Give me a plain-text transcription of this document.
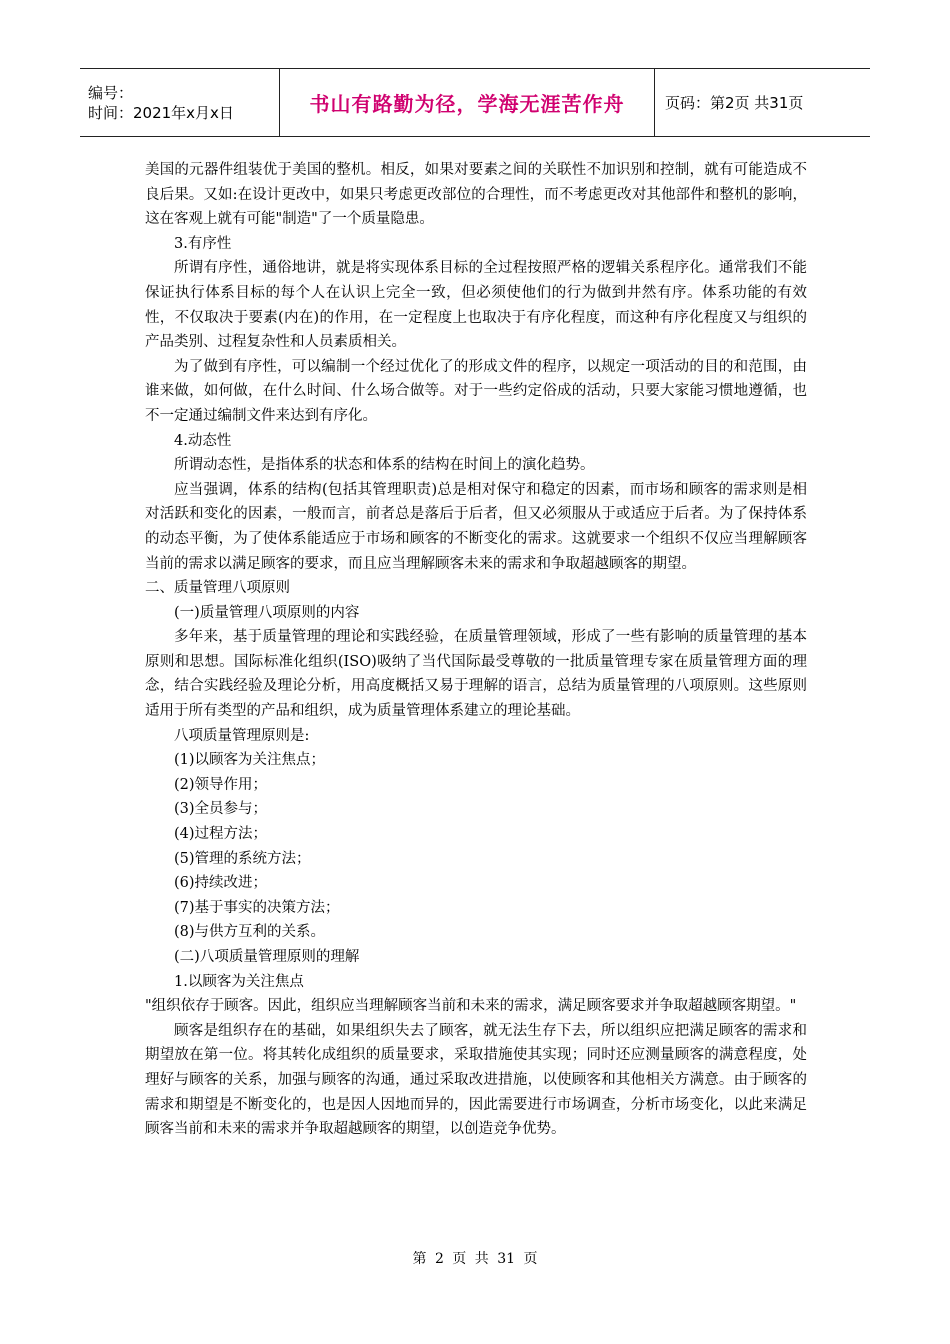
编号：
时间：2021年x月x日	书山有路勤为径，学海无涯苦作舟	页码：第2页 共31页

美国的元器件组装优于美国的整机。相反，如果对要素之间的关联性不加识别和控制，就有可能造成不良后果。又如:在设计更改中，如果只考虑更改部位的合理性，而不考虑更改对其他部件和整机的影响，这在客观上就有可能"制造"了一个质量隐患。

3.有序性

所谓有序性，通俗地讲，就是将实现体系目标的全过程按照严格的逻辑关系程序化。通常我们不能保证执行体系目标的每个人在认识上完全一致，但必须使他们的行为做到井然有序。体系功能的有效性，不仅取决于要素(内在)的作用，在一定程度上也取决于有序化程度，而这种有序化程度又与组织的产品类别、过程复杂性和人员素质相关。

为了做到有序性，可以编制一个经过优化了的形成文件的程序，以规定一项活动的目的和范围，由谁来做，如何做，在什么时间、什么场合做等。对于一些约定俗成的活动，只要大家能习惯地遵循，也不一定通过编制文件来达到有序化。

4.动态性

所谓动态性，是指体系的状态和体系的结构在时间上的演化趋势。

应当强调，体系的结构(包括其管理职责)总是相对保守和稳定的因素，而市场和顾客的需求则是相对活跃和变化的因素，一般而言，前者总是落后于后者，但又必须服从于或适应于后者。为了保持体系的动态平衡，为了使体系能适应于市场和顾客的不断变化的需求。这就要求一个组织不仅应当理解顾客当前的需求以满足顾客的要求，而且应当理解顾客未来的需求和争取超越顾客的期望。

二、质量管理八项原则

(一)质量管理八项原则的内容

多年来，基于质量管理的理论和实践经验，在质量管理领域，形成了一些有影响的质量管理的基本原则和思想。国际标准化组织(ISO)吸纳了当代国际最受尊敬的一批质量管理专家在质量管理方面的理念，结合实践经验及理论分析，用高度概括又易于理解的语言，总结为质量管理的八项原则。这些原则适用于所有类型的产品和组织，成为质量管理体系建立的理论基础。

八项质量管理原则是:

(1)以顾客为关注焦点；

(2)领导作用；

(3)全员参与；

(4)过程方法；

(5)管理的系统方法；

(6)持续改进；

(7)基于事实的决策方法；

(8)与供方互利的关系。

(二)八项质量管理原则的理解

1.以顾客为关注焦点

"组织依存于顾客。因此，组织应当理解顾客当前和未来的需求，满足顾客要求并争取超越顾客期望。"

顾客是组织存在的基础，如果组织失去了顾客，就无法生存下去，所以组织应把满足顾客的需求和期望放在第一位。将其转化成组织的质量要求，采取措施使其实现；同时还应测量顾客的满意程度，处理好与顾客的关系，加强与顾客的沟通，通过采取改进措施，以使顾客和其他相关方满意。由于顾客的需求和期望是不断变化的，也是因人因地而异的，因此需要进行市场调查，分析市场变化，以此来满足顾客当前和未来的需求并争取超越顾客的期望，以创造竞争优势。

第 2 页 共 31 页
